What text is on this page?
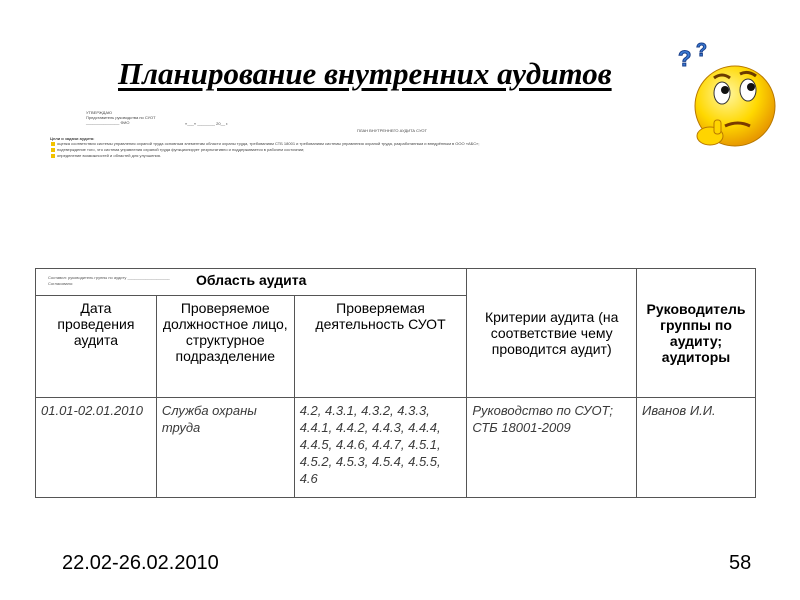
Планирование внутренних аудитов	? ?
УТВЕРЖДАЮ
Представитель руководства по СУОТ
_______________ ФИО	«___» ________ 20__ г.
ПЛАН ВНУТРЕННЕГО АУДИТА СУОТ
Цели и задачи аудита:
оценка соответствия системы управления охраной труда основным элементам области охраны труда, требованиям СТБ 18001 и требованиям системы управления охраной труда, разработанным и внедрённым в ООО «АБС»;
подтверждение того, что система управления охраной труда функционирует результативно и поддерживается в рабочем состоянии;
определение возможностей и областей для улучшения.
Составил: руководитель группы по аудиту ___________________
Согласовано: Область аудита			Критерии аудита (на соответствие чему проводится аудит)	Руководитель группы по аудиту; аудиторы
Дата проведения аудита	Проверяемое должностное лицо, структурное подразделение	Проверяемая деятельность СУОТ		
01.01-02.01.2010	Служба охраны труда	4.2, 4.3.1, 4.3.2, 4.3.3, 4.4.1, 4.4.2, 4.4.3, 4.4.4, 4.4.5, 4.4.6, 4.4.7, 4.5.1, 4.5.2, 4.5.3, 4.5.4, 4.5.5, 4.6	Руководство по СУОТ; СТБ 18001-2009	Иванов И.И.
22.02-26.02.2010	58
